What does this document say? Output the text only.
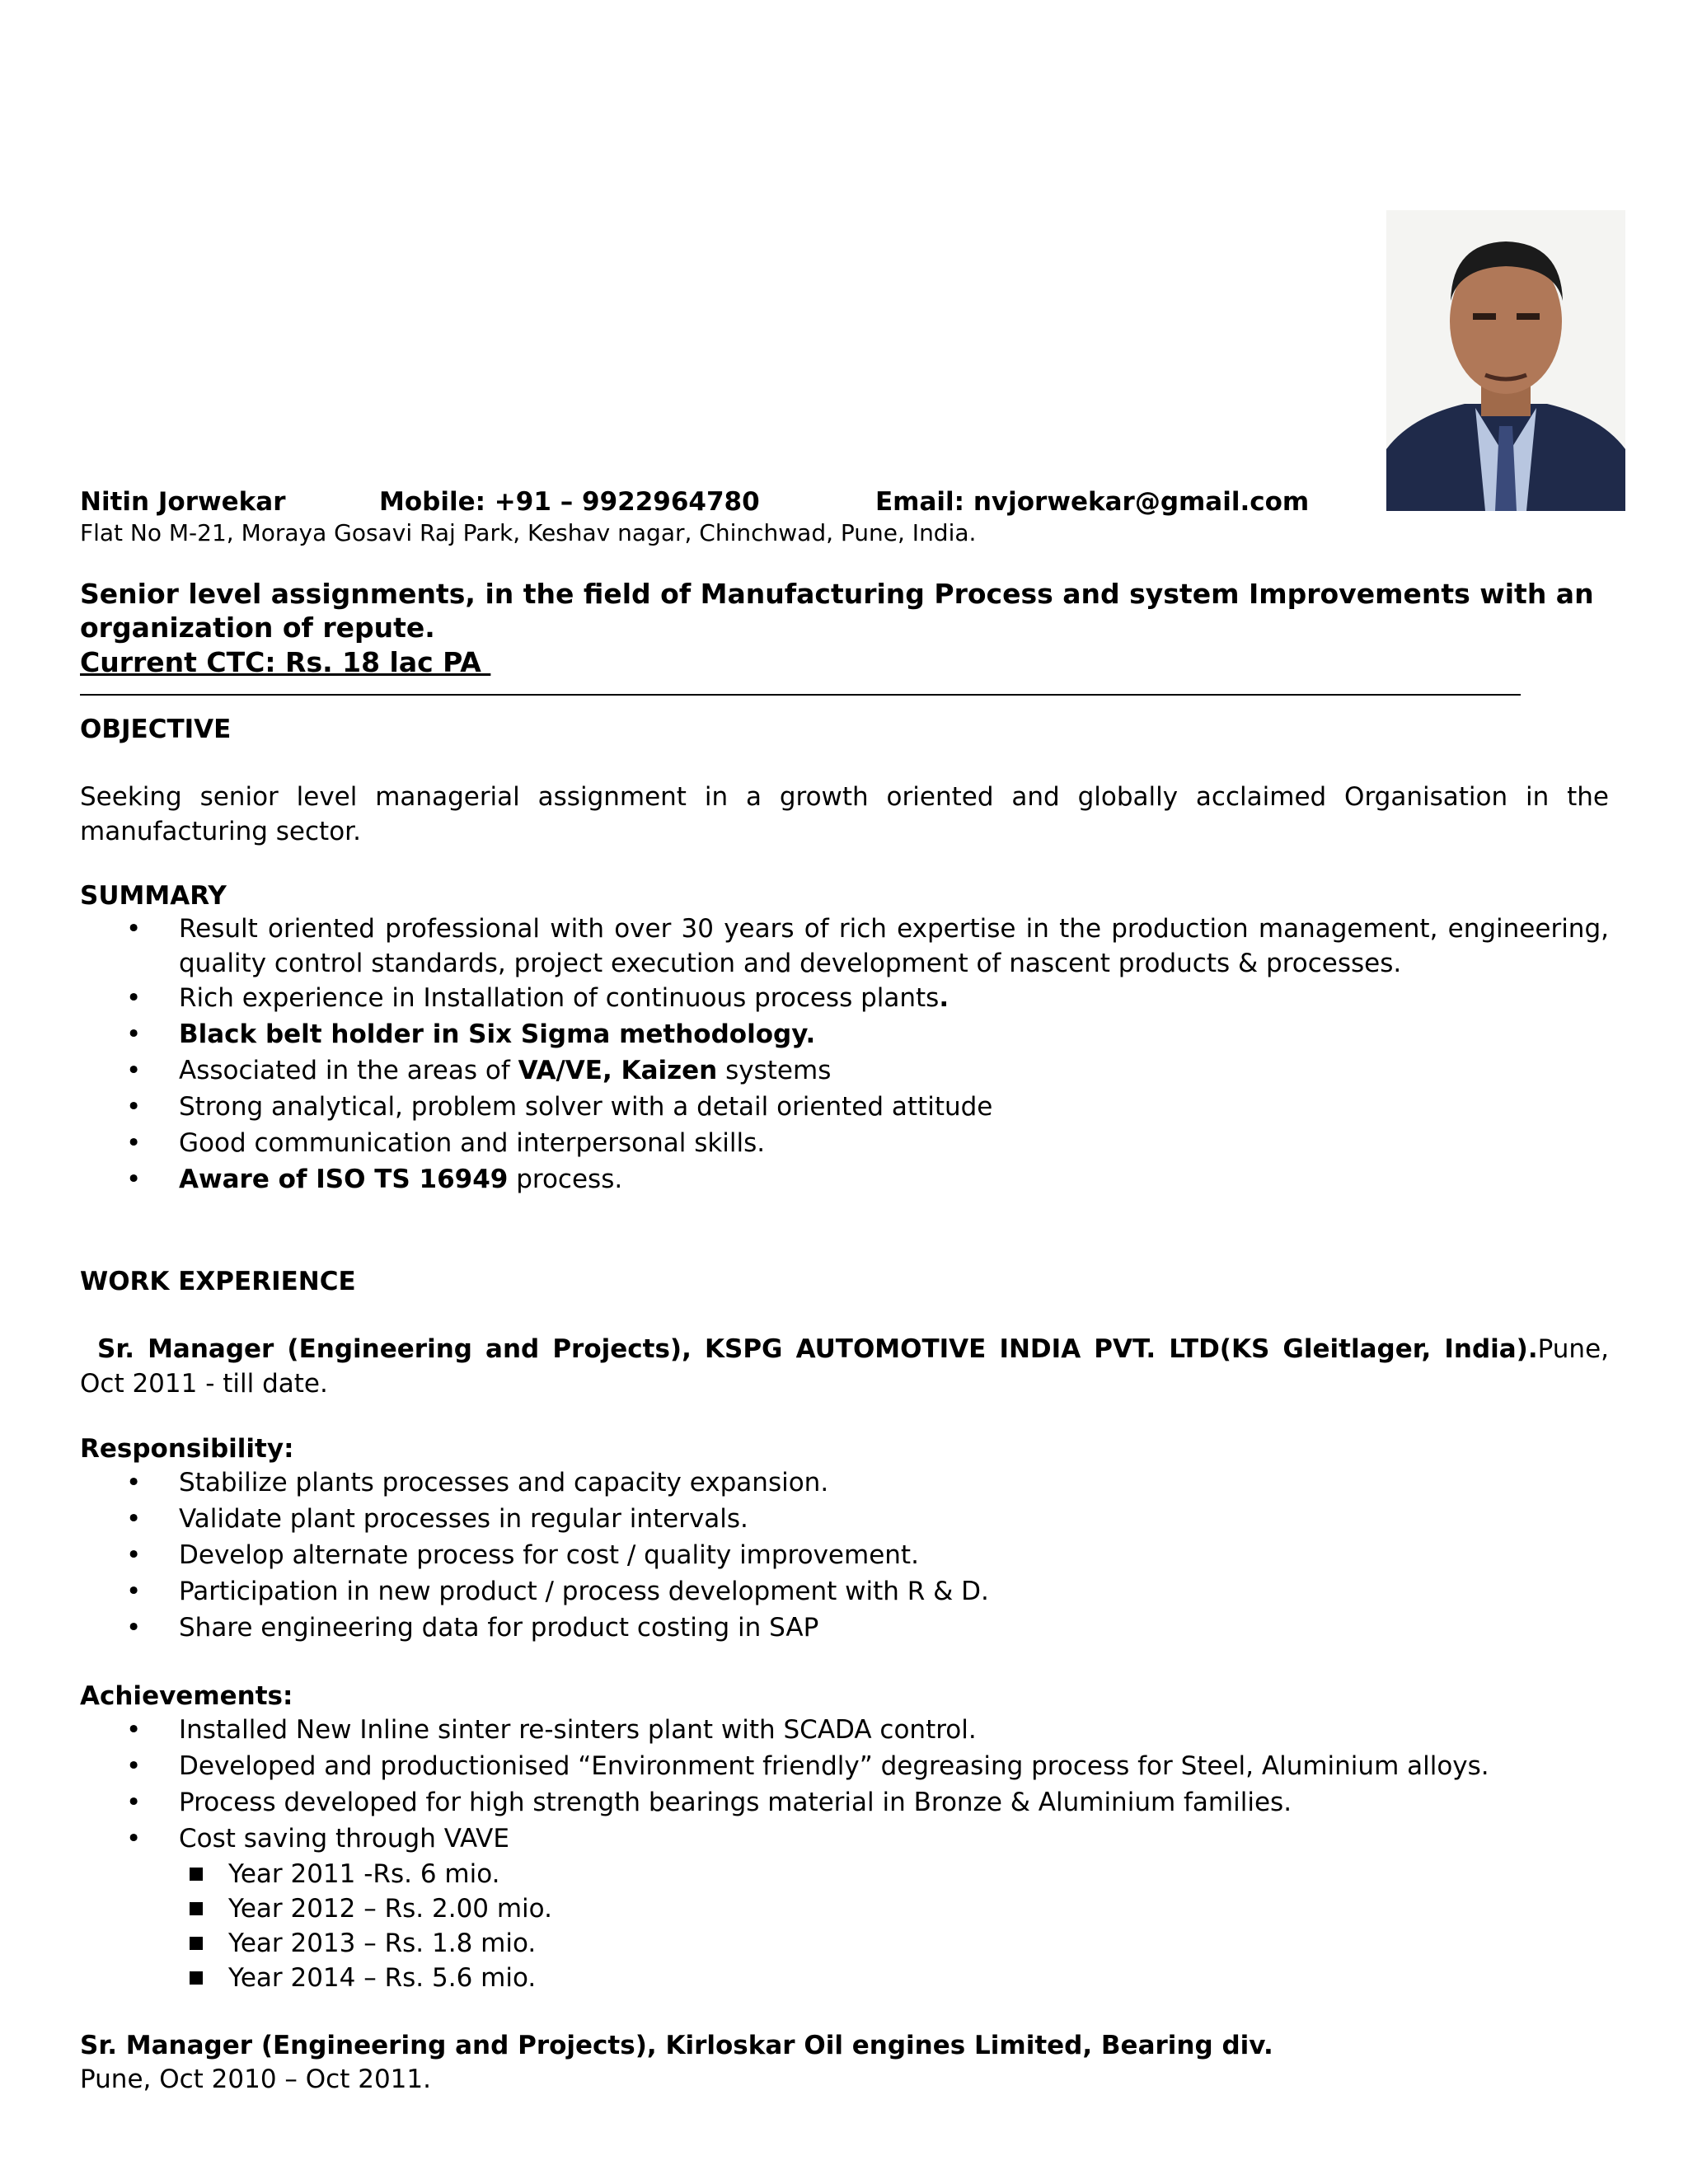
Nitin Jorwekar	Mobile: +91 – 9922964780	Email: nvjorwekar@gmail.com
Flat No M-21, Moraya Gosavi Raj Park, Keshav nagar, Chinchwad, Pune, India.
Senior level assignments, in the field of Manufacturing Process and system Improvements with an organization of repute.
Current CTC: Rs. 18 lac PA
OBJECTIVE
Seeking senior level managerial assignment in a growth oriented and globally acclaimed Organisation in the manufacturing sector.
SUMMARY
• Result oriented professional with over 30 years of rich expertise in the production management, engineering, quality control standards, project execution and development of nascent products & processes.
• Rich experience in Installation of continuous process plants.
• Black belt holder in Six Sigma methodology.
• Associated in the areas of VA/VE, Kaizen systems
• Strong analytical, problem solver with a detail oriented attitude
• Good communication and interpersonal skills.
• Aware of ISO TS 16949 process.
WORK EXPERIENCE
Sr. Manager (Engineering and Projects), KSPG AUTOMOTIVE INDIA PVT. LTD(KS Gleitlager, India).Pune, Oct 2011 - till date.
Responsibility:
• Stabilize plants processes and capacity expansion.
• Validate plant processes in regular intervals.
• Develop alternate process for cost / quality improvement.
• Participation in new product / process development with R & D.
• Share engineering data for product costing in SAP
Achievements:
• Installed New Inline sinter re-sinters plant with SCADA control.
• Developed and productionised “Environment friendly” degreasing process for Steel, Aluminium alloys.
• Process developed for high strength bearings material in Bronze & Aluminium families.
• Cost saving through VAVE
Year 2011 -Rs. 6 mio.
Year 2012 – Rs. 2.00 mio.
Year 2013 – Rs. 1.8 mio.
Year 2014 – Rs. 5.6 mio.
Sr. Manager (Engineering and Projects), Kirloskar Oil engines Limited, Bearing div.
Pune, Oct 2010 – Oct 2011.
